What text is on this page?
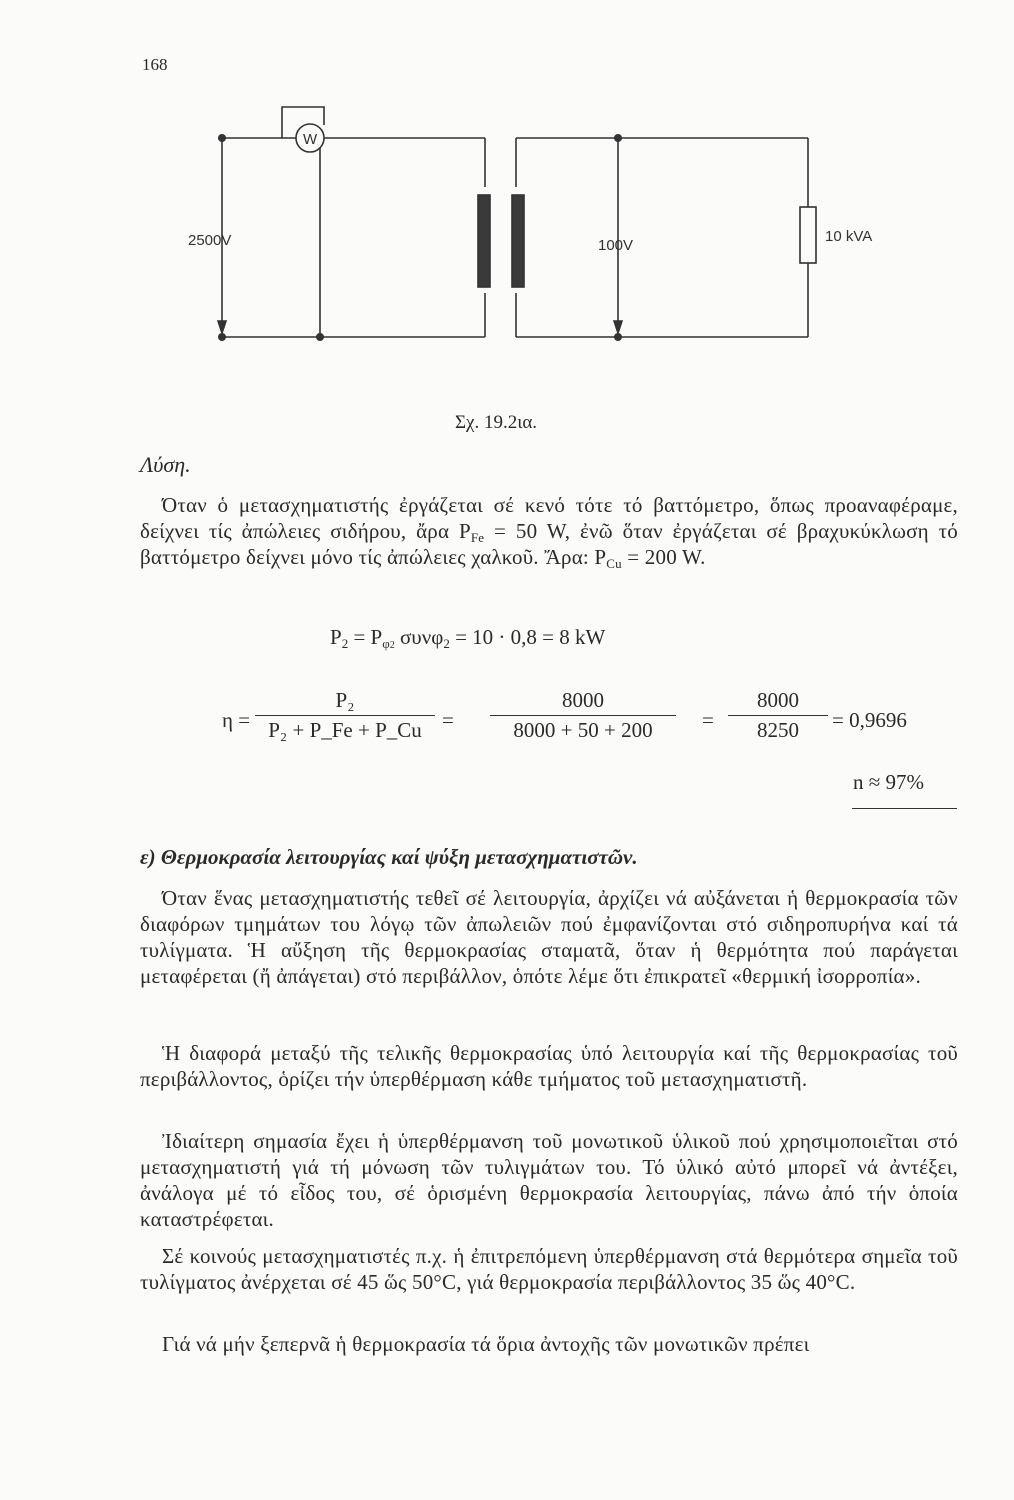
168
W
2500V	100V
10 kVA
Σχ. 19.2ια.
Λύση.
Όταν ὁ μετασχηματιστής ἐργάζεται σέ κενό τότε τό βαττόμετρο, ὅπως προαναφέραμε, δείχνει τίς ἀπώλειες σιδήρου, ἄρα $P_{Fe} = 50$ W, ἐνῶ ὅταν ἐργάζεται σέ βραχυκύκλωση τό βαττόμετρο δείχνει μόνο τίς ἀπώλειες χαλκοῦ. Ἄρα: $P_{Cu} = 200$ W.
$P_2 = P_{\varphi 2}$ συνφ$_2$ = 10 · 0,8 = 8 kW
$\eta = \frac{\text{P₂}}{\text{P₂ + P\_Fe + P\_Cu}} = \frac{8000}{8000 + 50 + 200} = \frac{8000}{8250} = 0,9696$
n ≈ 97%
ε) Θερμοκρασία λειτουργίας καί ψύξη μετασχηματιστῶν.
Όταν ἕνας μετασχηματιστής τεθεῖ σέ λειτουργία, ἀρχίζει νά αὐξάνεται ἡ θερμοκρασία τῶν διαφόρων τμημάτων του λόγῳ τῶν ἀπωλειῶν πού ἐμφανίζονται στό σιδηροπυρήνα καί τά τυλίγματα. Ἡ αὔξηση τῆς θερμοκρασίας σταματᾶ, ὅταν ἡ θερμότητα πού παράγεται μεταφέρεται (ἤ ἀπάγεται) στό περιβάλλον, ὁπότε λέμε ὅτι ἐπικρατεῖ «θερμική ἰσορροπία».
Ἡ διαφορά μεταξύ τῆς τελικῆς θερμοκρασίας ὑπό λειτουργία καί τῆς θερμοκρασίας τοῦ περιβάλλοντος, ὁρίζει τήν ὑπερθέρμαση κάθε τμήματος τοῦ μετασχηματιστῆ.
Ἰδιαίτερη σημασία ἔχει ἡ ὑπερθέρμανση τοῦ μονωτικοῦ ὑλικοῦ πού χρησιμοποιεῖται στό μετασχηματιστή γιά τή μόνωση τῶν τυλιγμάτων του. Τό ὑλικό αὐτό μπορεῖ νά ἀντέξει, ἀνάλογα μέ τό εἶδος του, σέ ὁρισμένη θερμοκρασία λειτουργίας, πάνω ἀπό τήν ὁποία καταστρέφεται.
Σέ κοινούς μετασχηματιστές π.χ. ἡ ἐπιτρεπόμενη ὑπερθέρμανση στά θερμότερα σημεῖα τοῦ τυλίγματος ἀνέρχεται σέ 45 ὥς 50°C, γιά θερμοκρασία περιβάλλοντος 35 ὥς 40°C.
Γιά νά μήν ξεπερνᾶ ἡ θερμοκρασία τά ὅρια ἀντοχῆς τῶν μονωτικῶν πρέπει
